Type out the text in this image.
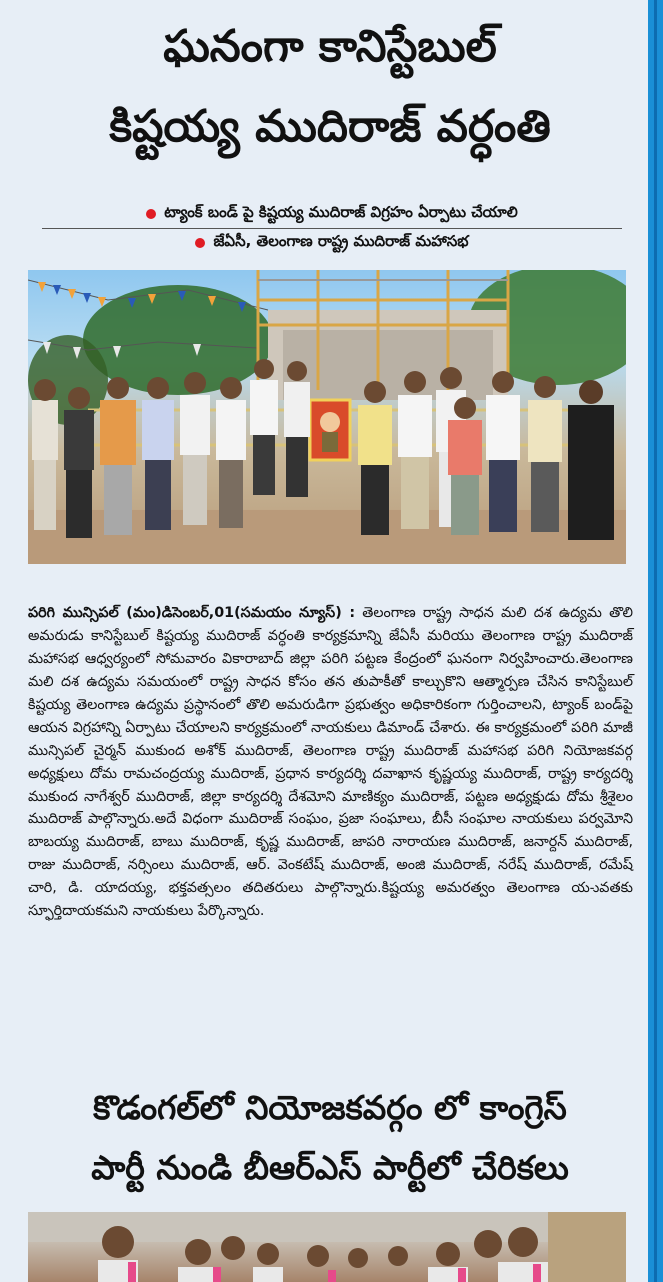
ఘనంగా కానిస్టేబుల్
కిష్టయ్య ముదిరాజ్ వర్ధంతి
ట్యాంక్ బండ్ పై కిష్టయ్య ముదిరాజ్ విగ్రహం ఏర్పాటు చేయాలి
జేఏసీ, తెలంగాణ రాష్ట్ర ముదిరాజ్ మహాసభ

పరిగి మున్సిపల్ (మం)డిసెంబర్,01(సమయం న్యూస్) : తెలంగాణ రాష్ట్ర సాధన మలి దశ ఉద్యమ తొలి అమరుడు కానిస్టేబుల్ కిష్టయ్య ముదిరాజ్ వర్ధంతి కార్యక్రమాన్ని జేఏసీ మరియు తెలంగాణ రాష్ట్ర ముదిరాజ్ మహాసభ ఆధ్వర్యంలో సోమవారం వికారాబాద్ జిల్లా పరిగి పట్టణ కేంద్రంలో ఘనంగా నిర్వహించారు.తెలంగాణ మలి దశ ఉద్యమ సమయంలో రాష్ట్ర సాధన కోసం తన తుపాకీతో కాల్చుకొని ఆత్మార్పణ చేసిన కానిస్టేబుల్ కిష్టయ్య తెలంగాణ ఉద్యమ ప్రస్థానంలో తొలి అమరుడిగా ప్రభుత్వం అధికారికంగా గుర్తించాలని, ట్యాంక్ బండ్‌పై ఆయన విగ్రహాన్ని ఏర్పాటు చేయాలని కార్యక్రమంలో నాయకులు డిమాండ్ చేశారు. ఈ కార్యక్రమంలో పరిగి మాజీ మున్సిపల్ చైర్మన్ ముకుంద అశోక్ ముదిరాజ్, తెలంగాణ రాష్ట్ర ముదిరాజ్ మహాసభ పరిగి నియోజకవర్గ అధ్యక్షులు దోమ రామచంద్రయ్య ముదిరాజ్, ప్రధాన కార్యదర్శి దవాఖాన కృష్ణయ్య ముదిరాజ్, రాష్ట్ర కార్యదర్శి ముకుంద నాగేశ్వర్ ముదిరాజ్, జిల్లా కార్యదర్శి దేశమోని మాణిక్యం ముదిరాజ్, పట్టణ అధ్యక్షుడు దోమ శ్రీశైలం ముదిరాజ్ పాల్గొన్నారు.అదే విధంగా ముదిరాజ్ సంఘం, ప్రజా సంఘాలు, బీసీ సంఘాల నాయకులు పర్వమోని బాబయ్య ముదిరాజ్, బాబు ముదిరాజ్, కృష్ణ ముదిరాజ్, జాపరి నారాయణ ముదిరాజ్, జనార్దన్ ముదిరాజ్, రాజు ముదిరాజ్, నర్సింలు ముదిరాజ్, ఆర్. వెంకటేష్ ముదిరాజ్, అంజి ముదిరాజ్, నరేష్ ముదిరాజ్, రమేష్ చారి, డి. యాదయ్య, భక్తవత్సలం తదితరులు పాల్గొన్నారు.కిష్టయ్య అమరత్వం తెలంగాణ య-ువతకు స్ఫూర్తిదాయకమని నాయకులు పేర్కొన్నారు.

కొడంగల్‌లో నియోజకవర్గం లో కాంగ్రెస్
పార్టీ నుండి బీఆర్ఎస్ పార్టీలో చేరికలు
